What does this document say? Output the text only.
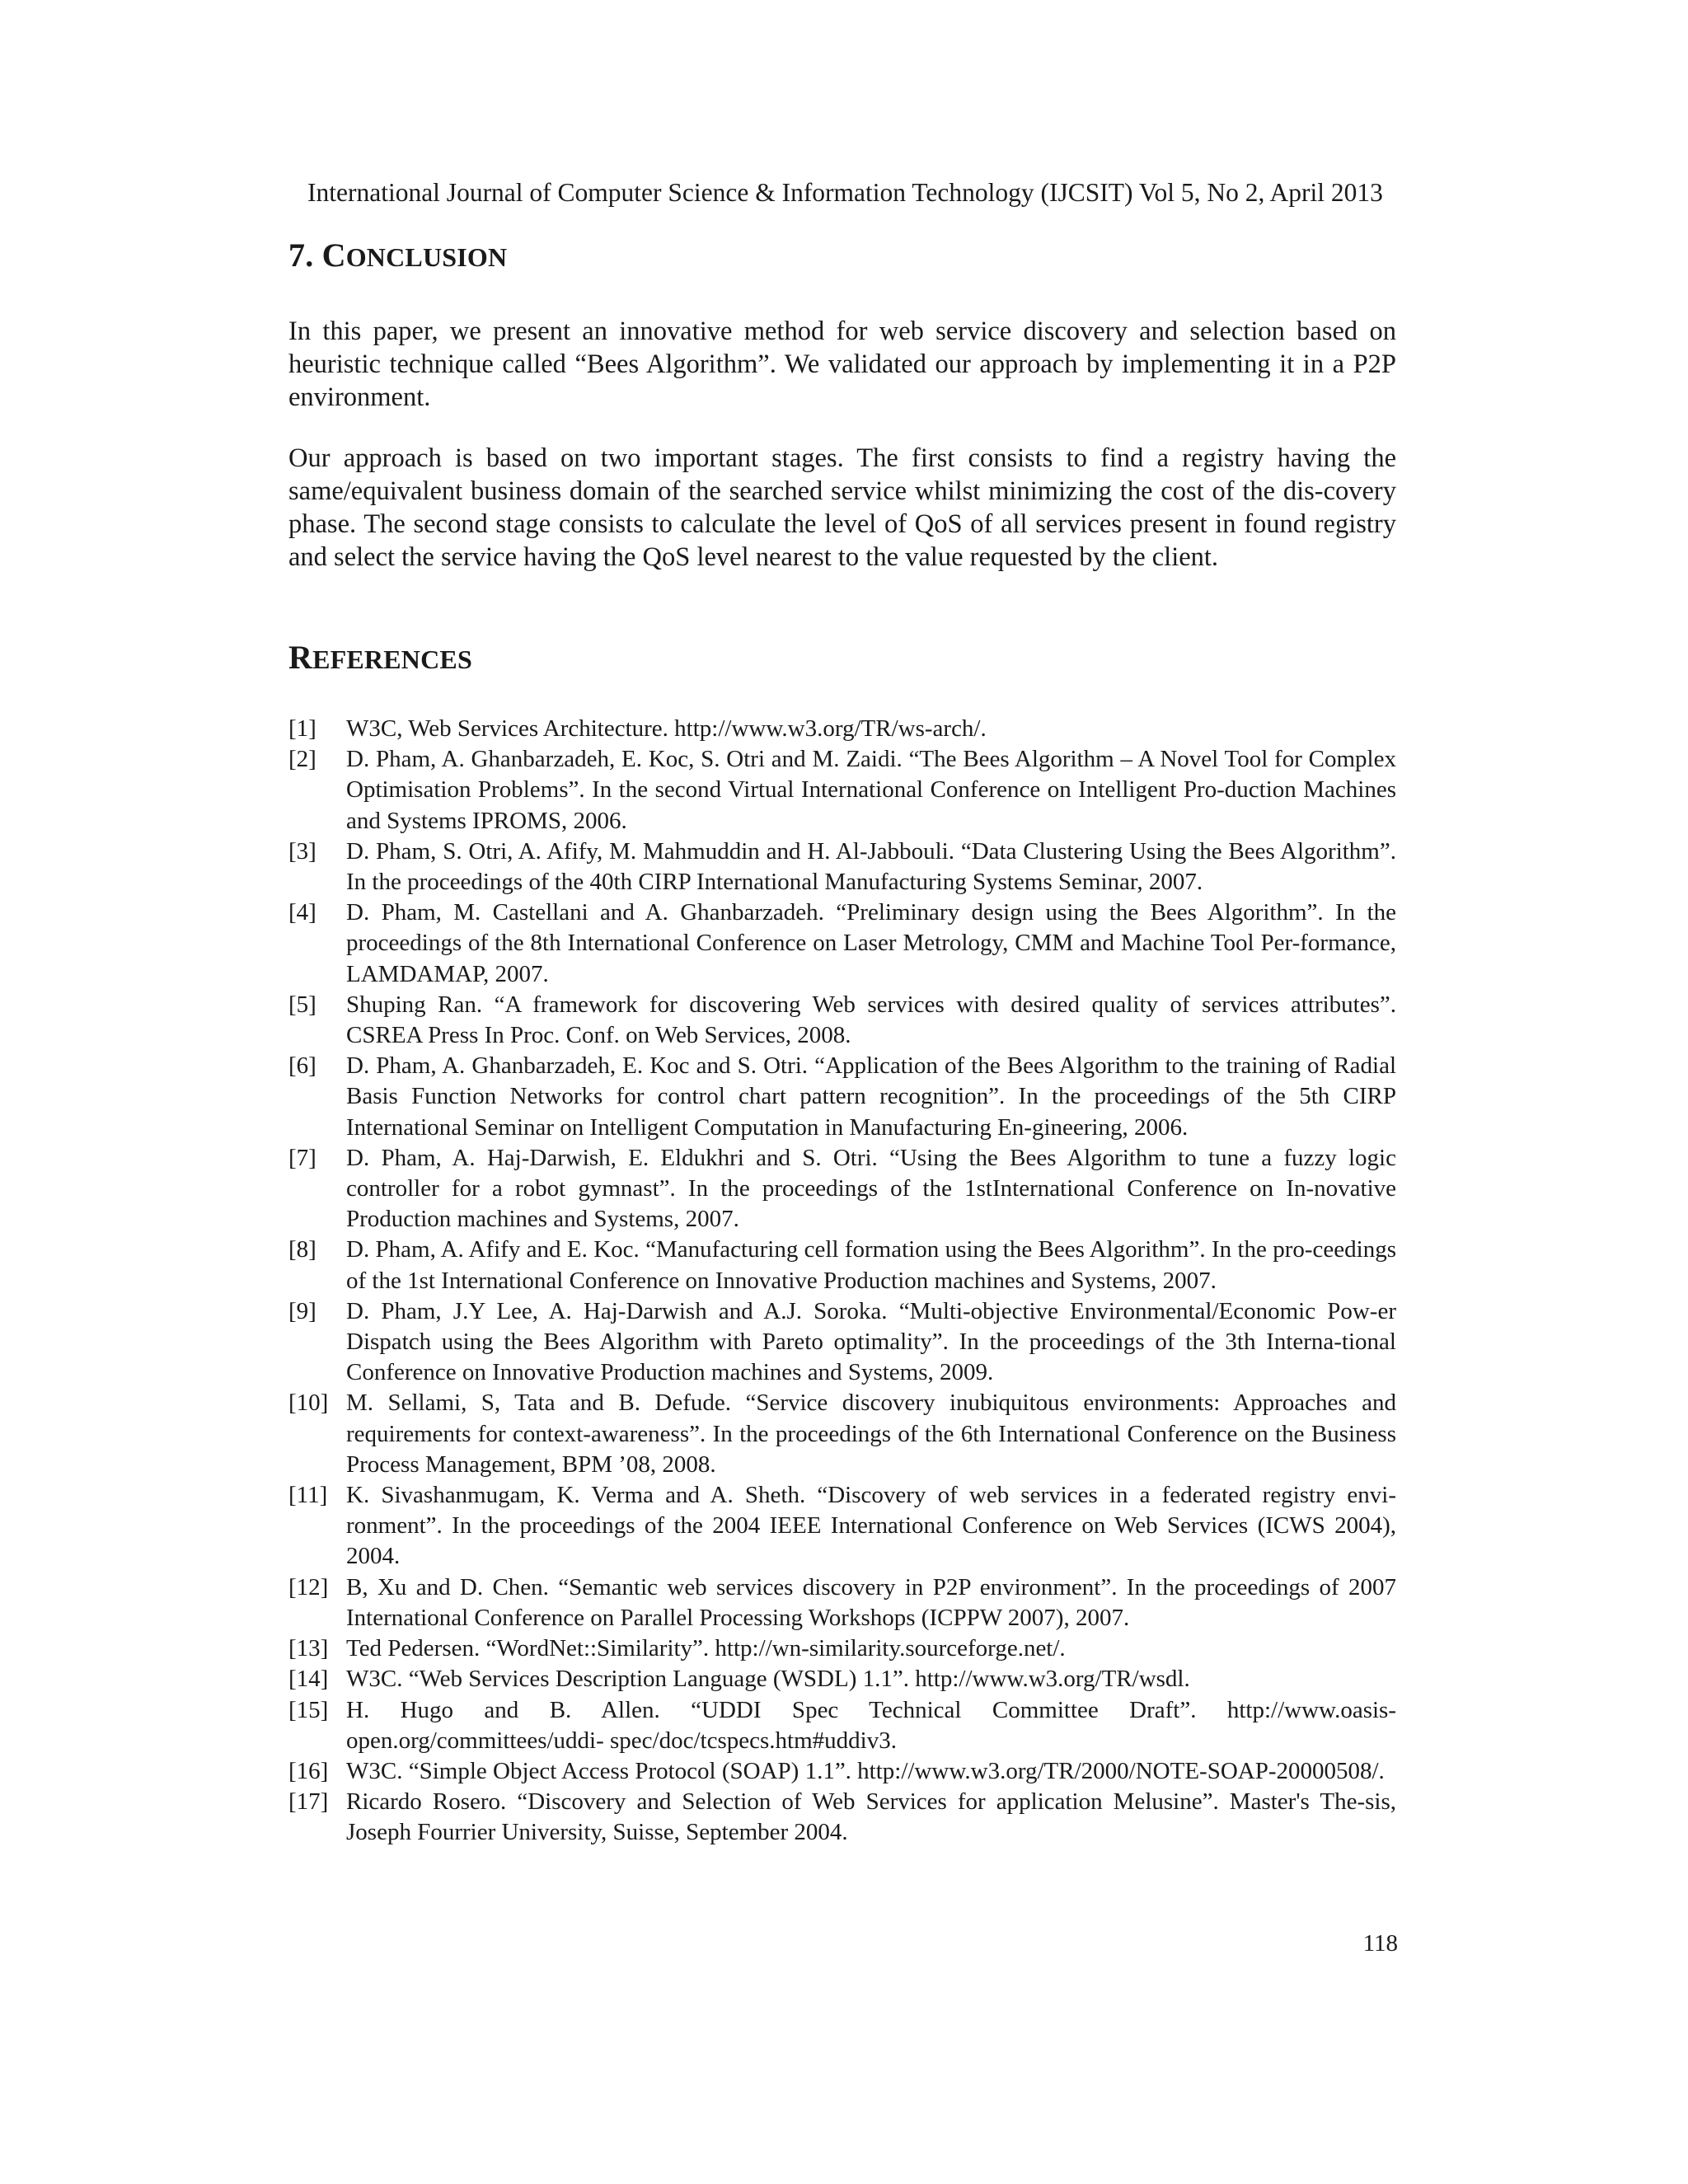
International Journal of Computer Science & Information Technology (IJCSIT) Vol 5, No 2, April 2013
7. CONCLUSION

In this paper, we present an innovative method for web service discovery and selection based on heuristic technique called “Bees Algorithm”. We validated our approach by implementing it in a P2P environment.

Our approach is based on two important stages. The first consists to find a registry having the same/equivalent business domain of the searched service whilst minimizing the cost of the dis-covery phase. The second stage consists to calculate the level of QoS of all services present in found registry and select the service having the QoS level nearest to the value requested by the client.

REFERENCES
[1] W3C, Web Services Architecture. http://www.w3.org/TR/ws-arch/.
[2] D. Pham, A. Ghanbarzadeh, E. Koc, S. Otri and M. Zaidi. “The Bees Algorithm – A Novel Tool for Complex Optimisation Problems”. In the second Virtual International Conference on Intelligent Pro-duction Machines and Systems IPROMS, 2006.
[3] D. Pham, S. Otri, A. Afify, M. Mahmuddin and H. Al-Jabbouli. “Data Clustering Using the Bees Algorithm”. In the proceedings of the 40th CIRP International Manufacturing Systems Seminar, 2007.
[4] D. Pham, M. Castellani and A. Ghanbarzadeh. “Preliminary design using the Bees Algorithm”. In the proceedings of the 8th International Conference on Laser Metrology, CMM and Machine Tool Per-formance, LAMDAMAP, 2007.
[5] Shuping Ran. “A framework for discovering Web services with desired quality of services attributes”. CSREA Press In Proc. Conf. on Web Services, 2008.
[6] D. Pham, A. Ghanbarzadeh, E. Koc and S. Otri. “Application of the Bees Algorithm to the training of Radial Basis Function Networks for control chart pattern recognition”. In the proceedings of the 5th CIRP International Seminar on Intelligent Computation in Manufacturing En-gineering, 2006.
[7] D. Pham, A. Haj-Darwish, E. Eldukhri and S. Otri. “Using the Bees Algorithm to tune a fuzzy logic controller for a robot gymnast”. In the proceedings of the 1stInternational Conference on In-novative Production machines and Systems, 2007.
[8] D. Pham, A. Afify and E. Koc. “Manufacturing cell formation using the Bees Algorithm”. In the pro-ceedings of the 1st International Conference on Innovative Production machines and Systems, 2007.
[9] D. Pham, J.Y Lee, A. Haj-Darwish and A.J. Soroka. “Multi-objective Environmental/Economic Pow-er Dispatch using the Bees Algorithm with Pareto optimality”. In the proceedings of the 3th Interna-tional Conference on Innovative Production machines and Systems, 2009.
[10] M. Sellami, S, Tata and B. Defude. “Service discovery inubiquitous environments: Approaches and requirements for context-awareness”. In the proceedings of the 6th International Conference on the Business Process Management, BPM ’08, 2008.
[11] K. Sivashanmugam, K. Verma and A. Sheth. “Discovery of web services in a federated registry envi-ronment”. In the proceedings of the 2004 IEEE International Conference on Web Services (ICWS 2004), 2004.
[12] B, Xu and D. Chen. “Semantic web services discovery in P2P environment”. In the proceedings of 2007 International Conference on Parallel Processing Workshops (ICPPW 2007), 2007.
[13] Ted Pedersen. “WordNet::Similarity”. http://wn-similarity.sourceforge.net/.
[14] W3C. “Web Services Description Language (WSDL) 1.1”. http://www.w3.org/TR/wsdl.
[15] H. Hugo and B. Allen. “UDDI Spec Technical Committee Draft”. http://www.oasis-open.org/committees/uddi- spec/doc/tcspecs.htm#uddiv3.
[16] W3C. “Simple Object Access Protocol (SOAP) 1.1”. http://www.w3.org/TR/2000/NOTE-SOAP-20000508/.
[17] Ricardo Rosero. “Discovery and Selection of Web Services for application Melusine”. Master's The-sis, Joseph Fourrier University, Suisse, September 2004.
118
